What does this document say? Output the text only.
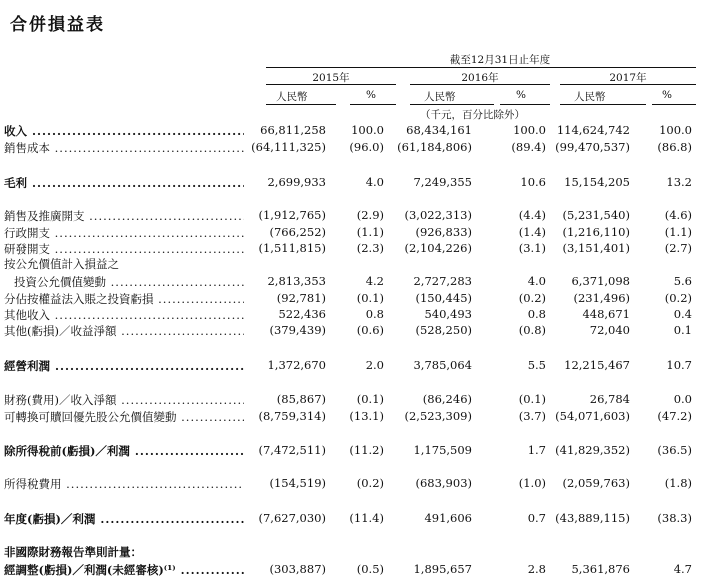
合併損益表
截至12月31日止年度
2015年	2016年	2017年
人民幣	%	人民幣	%	人民幣	%
（千元，百分比除外）
收入 .....	66,811,258	100.0	68,434,161	100.0 114,624,742	100.0
銷售成本 .....	(64,111,325)	(96.0)	(61,184,806)	(89.4) (99,470,537)	(86.8)
毛利 .....	2,699,933	4.0	7,249,355	10.6	15,154,205	13.2
銷售及推廣開支 .....	(1,912,765)	(2.9)	(3,022,313)	(4.4)	(5,231,540)	(4.6)
行政開支 .....	(766,252)	(1.1)	(926,833)	(1.4)	(1,216,110)	(1.1)
研發開支 .....	(1,511,815)	(2.3)	(2,104,226)	(3.1)	(3,151,401)	(2.7)
按公允價值計入損益之
投資公允價值變動 .....	2,813,353	4.2	2,727,283	4.0	6,371,098	5.6
分佔按權益法入賬之投資虧損 .....	(92,781)	(0.1)	(150,445)	(0.2)	(231,496)	(0.2)
其他收入 .....	522,436	0.8	540,493	0.8	448,671	0.4
其他(虧損)／收益淨額 .....	(379,439)	(0.6)	(528,250)	(0.8)	72,040	0.1
經營利潤 .....	1,372,670	2.0	3,785,064	5.5	12,215,467	10.7
財務(費用)／收入淨額 .....	(85,867)	(0.1)	(86,246)	(0.1)	26,784	0.0
可轉換可贖回優先股公允價值變動 .....	(8,759,314)	(13.1)	(2,523,309)	(3.7) (54,071,603)	(47.2)
除所得稅前(虧損)／利潤 .....	(7,472,511)	(11.2)	1,175,509	1.7 (41,829,352)	(36.5)
所得稅費用 .....	(154,519)	(0.2)	(683,903)	(1.0)	(2,059,763)	(1.8)
年度(虧損)／利潤 .....	(7,627,030)	(11.4)	491,606	0.7 (43,889,115)	(38.3)
非國際財務報告準則計量：
經調整(虧損)／利潤(未經審核)⁽¹⁾ .....	(303,887)	(0.5)	1,895,657	2.8	5,361,876	4.7
